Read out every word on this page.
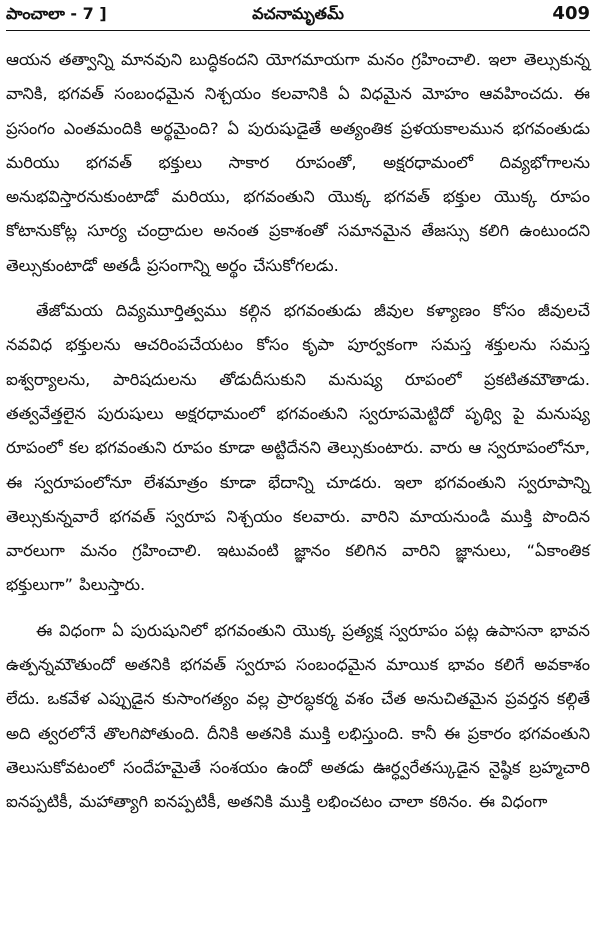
పాంచాలా - 7 ]	వచనామృతమ్	409

ఆయన తత్వాన్ని మానవుని బుద్ధికందని యోగమాయగా మనం గ్రహించాలి. ఇలా తెల్సుకున్న వానికి, భగవత్ సంబంధమైన నిశ్చయం కలవానికి ఏ విధమైన మోహం ఆవహించదు. ఈ ప్రసంగం ఎంతమందికి అర్థమైంది? ఏ పురుషుడైతే అత్యంతిక ప్రళయకాలమున భగవంతుడు మరియు భగవత్ భక్తులు సాకార రూపంతో, అక్షరధామంలో దివ్యభోగాలను అనుభవిస్తారనుకుంటాడో మరియు, భగవంతుని యొక్క భగవత్ భక్తుల యొక్క రూపం కోటానుకోట్ల సూర్య చంద్రాదుల అనంత ప్రకాశంతో సమానమైన తేజస్సు కలిగి ఉంటుందని తెల్సుకుంటాడో అతడీ ప్రసంగాన్ని అర్థం చేసుకోగలడు.

తేజోమయ దివ్యమూర్తిత్వము కల్గిన భగవంతుడు జీవుల కళ్యాణం కోసం జీవులచే నవవిధ భక్తులను ఆచరింపచేయటం కోసం కృపా పూర్వకంగా సమస్త శక్తులను సమస్త ఐశ్వర్యాలను, పారిషదులను తోడుదీసుకుని మనుష్య రూపంలో ప్రకటితమౌతాడు. తత్వవేత్తలైన పురుషులు అక్షరధామంలో భగవంతుని స్వరూపమెట్టిదో పృథ్వి పై మనుష్య రూపంలో కల భగవంతుని రూపం కూడా అట్టిదేనని తెల్సుకుంటారు. వారు ఆ స్వరూపంలోనూ, ఈ స్వరూపంలోనూ లేశమాత్రం కూడా భేదాన్ని చూడరు. ఇలా భగవంతుని స్వరూపాన్ని తెల్సుకున్నవారే భగవత్ స్వరూప నిశ్చయం కలవారు. వారిని మాయనుండి ముక్తి పొందిన వారలుగా మనం గ్రహించాలి. ఇటువంటి జ్ఞానం కలిగిన వారిని జ్ఞానులు, “ఏకాంతిక భక్తులుగా” పిలుస్తారు.

ఈ విధంగా ఏ పురుషునిలో భగవంతుని యొక్క ప్రత్యక్ష స్వరూపం పట్ల ఉపాసనా భావన ఉత్పన్నమౌతుందో అతనికి భగవత్ స్వరూప సంబంధమైన మాయిక భావం కలిగే అవకాశం లేదు. ఒకవేళ ఎప్పుడైన కుసాంగత్యం వల్ల ప్రారబ్ధకర్మ వశం చేత అనుచితమైన ప్రవర్తన కల్గితే అది త్వరలోనే తొలగిపోతుంది. దీనికి అతనికి ముక్తి లభిస్తుంది. కానీ ఈ ప్రకారం భగవంతుని తెలుసుకోవటంలో సందేహమైతే సంశయం ఉందో అతడు ఊర్ధ్వరేతస్కుడైన నైష్ఠిక బ్రహ్మచారి ఐనప్పటికీ, మహాత్యాగి ఐనప్పటికీ, అతనికి ముక్తి లభించటం చాలా కఠినం. ఈ విధంగా
